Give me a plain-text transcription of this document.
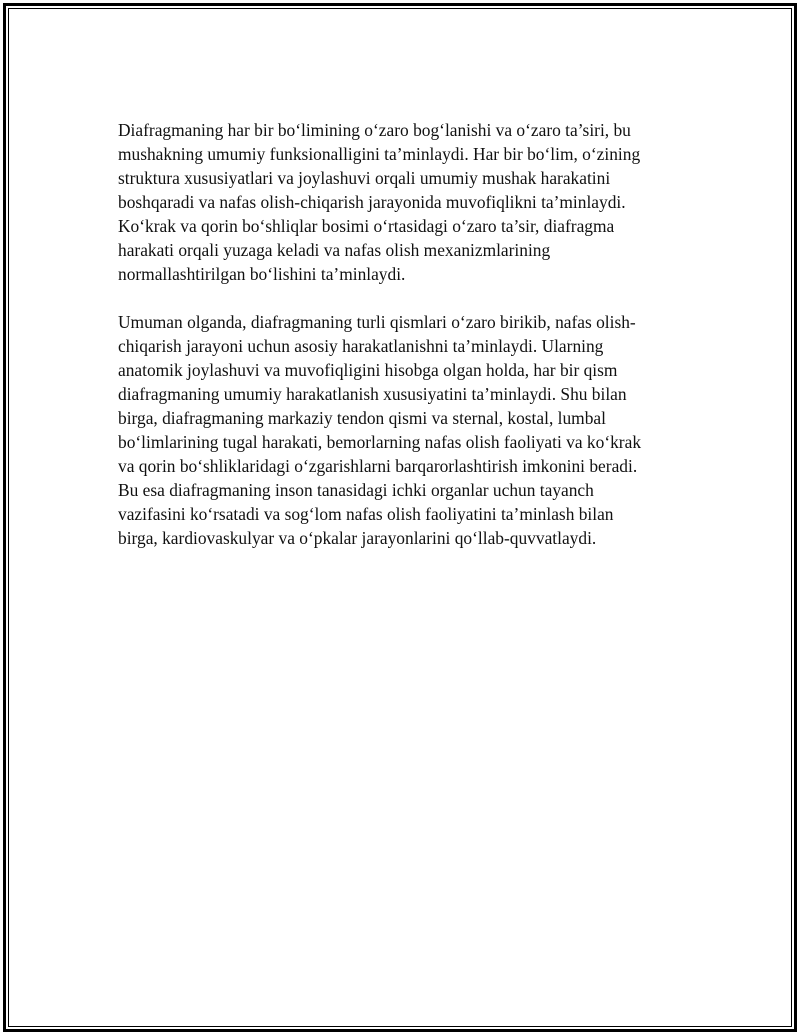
Diafragmaning har bir bo‘limining o‘zaro bog‘lanishi va o‘zaro ta’siri, bu
mushakning umumiy funksionalligini ta’minlaydi. Har bir bo‘lim, o‘zining
struktura xususiyatlari va joylashuvi orqali umumiy mushak harakatini
boshqaradi va nafas olish-chiqarish jarayonida muvofiqlikni ta’minlaydi.
Ko‘krak va qorin bo‘shliqlar bosimi o‘rtasidagi o‘zaro ta’sir, diafragma
harakati orqali yuzaga keladi va nafas olish mexanizmlarining
normallashtirilgan bo‘lishini ta’minlaydi.

Umuman olganda, diafragmaning turli qismlari o‘zaro birikib, nafas olish-
chiqarish jarayoni uchun asosiy harakatlanishni ta’minlaydi. Ularning
anatomik joylashuvi va muvofiqligini hisobga olgan holda, har bir qism
diafragmaning umumiy harakatlanish xususiyatini ta’minlaydi. Shu bilan
birga, diafragmaning markaziy tendon qismi va sternal, kostal, lumbal
bo‘limlarining tugal harakati, bemorlarning nafas olish faoliyati va ko‘krak
va qorin bo‘shliklaridagi o‘zgarishlarni barqarorlashtirish imkonini beradi.
Bu esa diafragmaning inson tanasidagi ichki organlar uchun tayanch
vazifasini ko‘rsatadi va sog‘lom nafas olish faoliyatini ta’minlash bilan
birga, kardiovaskulyar va o‘pkalar jarayonlarini qo‘llab-quvvatlaydi.
